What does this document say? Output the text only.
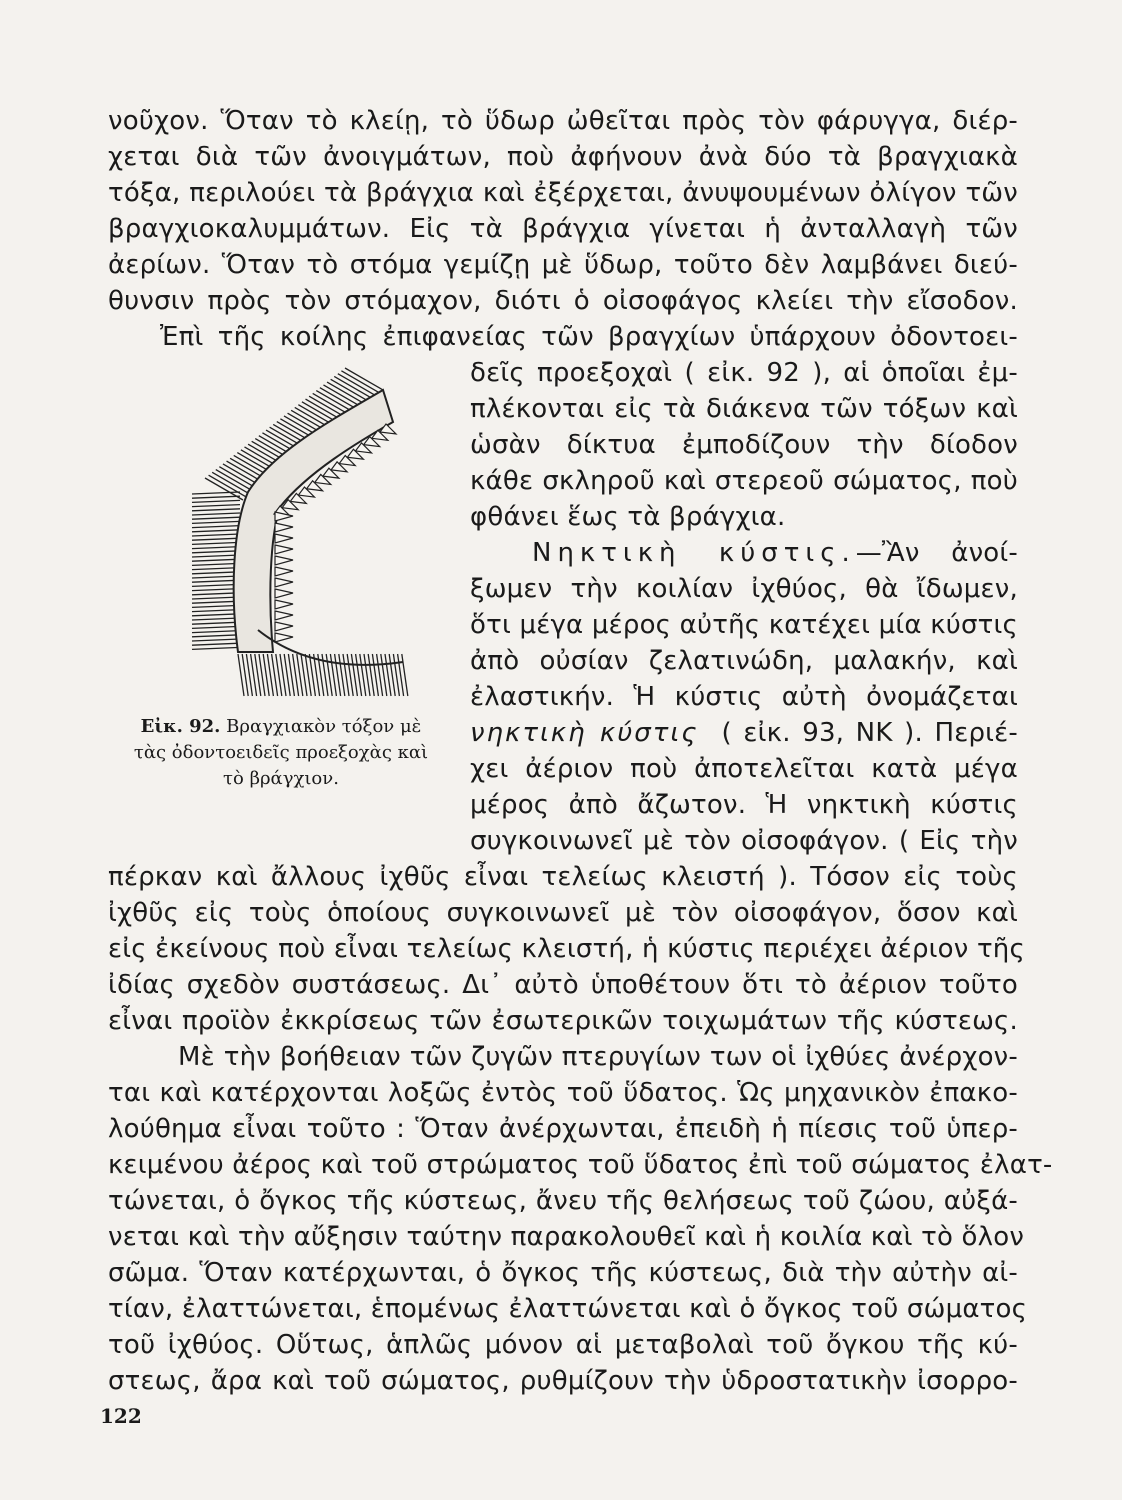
νοῦχον. Ὅταν τὸ κλείῃ, τὸ ὕδωρ ὠθεῖται πρὸς τὸν φάρυγγα, διέρ-
χεται διὰ τῶν ἀνοιγμάτων, ποὺ ἀφήνουν ἀνὰ δύο τὰ βραγχιακὰ
τόξα, περιλούει τὰ βράγχια καὶ ἐξέρχεται, ἀνυψουμένων ὀλίγον τῶν
βραγχιοκαλυμμάτων. Εἰς τὰ βράγχια γίνεται ἡ ἀνταλλαγὴ τῶν
ἀερίων. Ὅταν τὸ στόμα γεμίζῃ μὲ ὕδωρ, τοῦτο δὲν λαμβάνει διεύ-
θυνσιν πρὸς τὸν στόμαχον, διότι ὁ οἰσοφάγος κλείει τὴν εἴσοδον.
Ἐπὶ τῆς κοίλης ἐπιφανείας τῶν βραγχίων ὑπάρχουν ὀδοντοει-
δεῖς προεξοχαὶ ( εἰκ. 92 ), αἱ ὁποῖαι ἐμ-
πλέκονται εἰς τὰ διάκενα τῶν τόξων καὶ
ὡσὰν δίκτυα ἐμποδίζουν τὴν δίοδον
κάθε σκληροῦ καὶ στερεοῦ σώματος, ποὺ
φθάνει ἕως τὰ βράγχια.
Νηκτικὴ κύστις.—Ἂν ἀνοί-
ξωμεν τὴν κοιλίαν ἰχθύος, θὰ ἴδωμεν,
ὅτι μέγα μέρος αὐτῆς κατέχει μία κύστις
ἀπὸ οὐσίαν ζελατινώδη, μαλακήν, καὶ
ἐλαστικήν. Ἡ κύστις αὐτὴ ὀνομάζεται
νηκτικὴ κύστις ( εἰκ. 93, ΝΚ ). Περιέ-
χει ἀέριον ποὺ ἀποτελεῖται κατὰ μέγα
μέρος ἀπὸ ἄζωτον. Ἡ νηκτικὴ κύστις
συγκοινωνεῖ μὲ τὸν οἰσοφάγον. ( Εἰς τὴν
Εἰκ. 92. Βραγχιακὸν τόξον μὲ
τὰς ὀδοντοειδεῖς προεξοχὰς καὶ
τὸ βράγχιον.
πέρκαν καὶ ἄλλους ἰχθῦς εἶναι τελείως κλειστή ). Τόσον εἰς τοὺς
ἰχθῦς εἰς τοὺς ὁποίους συγκοινωνεῖ μὲ τὸν οἰσοφάγον, ὅσον καὶ
εἰς ἐκείνους ποὺ εἶναι τελείως κλειστή, ἡ κύστις περιέχει ἀέριον τῆς
ἰδίας σχεδὸν συστάσεως. Δι᾽ αὐτὸ ὑποθέτουν ὅτι τὸ ἀέριον τοῦτο
εἶναι προϊὸν ἐκκρίσεως τῶν ἐσωτερικῶν τοιχωμάτων τῆς κύστεως.
Μὲ τὴν βοήθειαν τῶν ζυγῶν πτερυγίων των οἱ ἰχθύες ἀνέρχον-
ται καὶ κατέρχονται λοξῶς ἐντὸς τοῦ ὕδατος. Ὡς μηχανικὸν ἐπακο-
λούθημα εἶναι τοῦτο : Ὅταν ἀνέρχωνται, ἐπειδὴ ἡ πίεσις τοῦ ὑπερ-
κειμένου ἀέρος καὶ τοῦ στρώματος τοῦ ὕδατος ἐπὶ τοῦ σώματος ἐλατ-
τώνεται, ὁ ὄγκος τῆς κύστεως, ἄνευ τῆς θελήσεως τοῦ ζώου, αὐξά-
νεται καὶ τὴν αὔξησιν ταύτην παρακολουθεῖ καὶ ἡ κοιλία καὶ τὸ ὅλον
σῶμα. Ὅταν κατέρχωνται, ὁ ὄγκος τῆς κύστεως, διὰ τὴν αὐτὴν αἰ-
τίαν, ἐλαττώνεται, ἑπομένως ἐλαττώνεται καὶ ὁ ὄγκος τοῦ σώματος
τοῦ ἰχθύος. Οὕτως, ἁπλῶς μόνον αἱ μεταβολαὶ τοῦ ὄγκου τῆς κύ-
στεως, ἄρα καὶ τοῦ σώματος, ρυθμίζουν τὴν ὑδροστατικὴν ἰσορρο-
122
